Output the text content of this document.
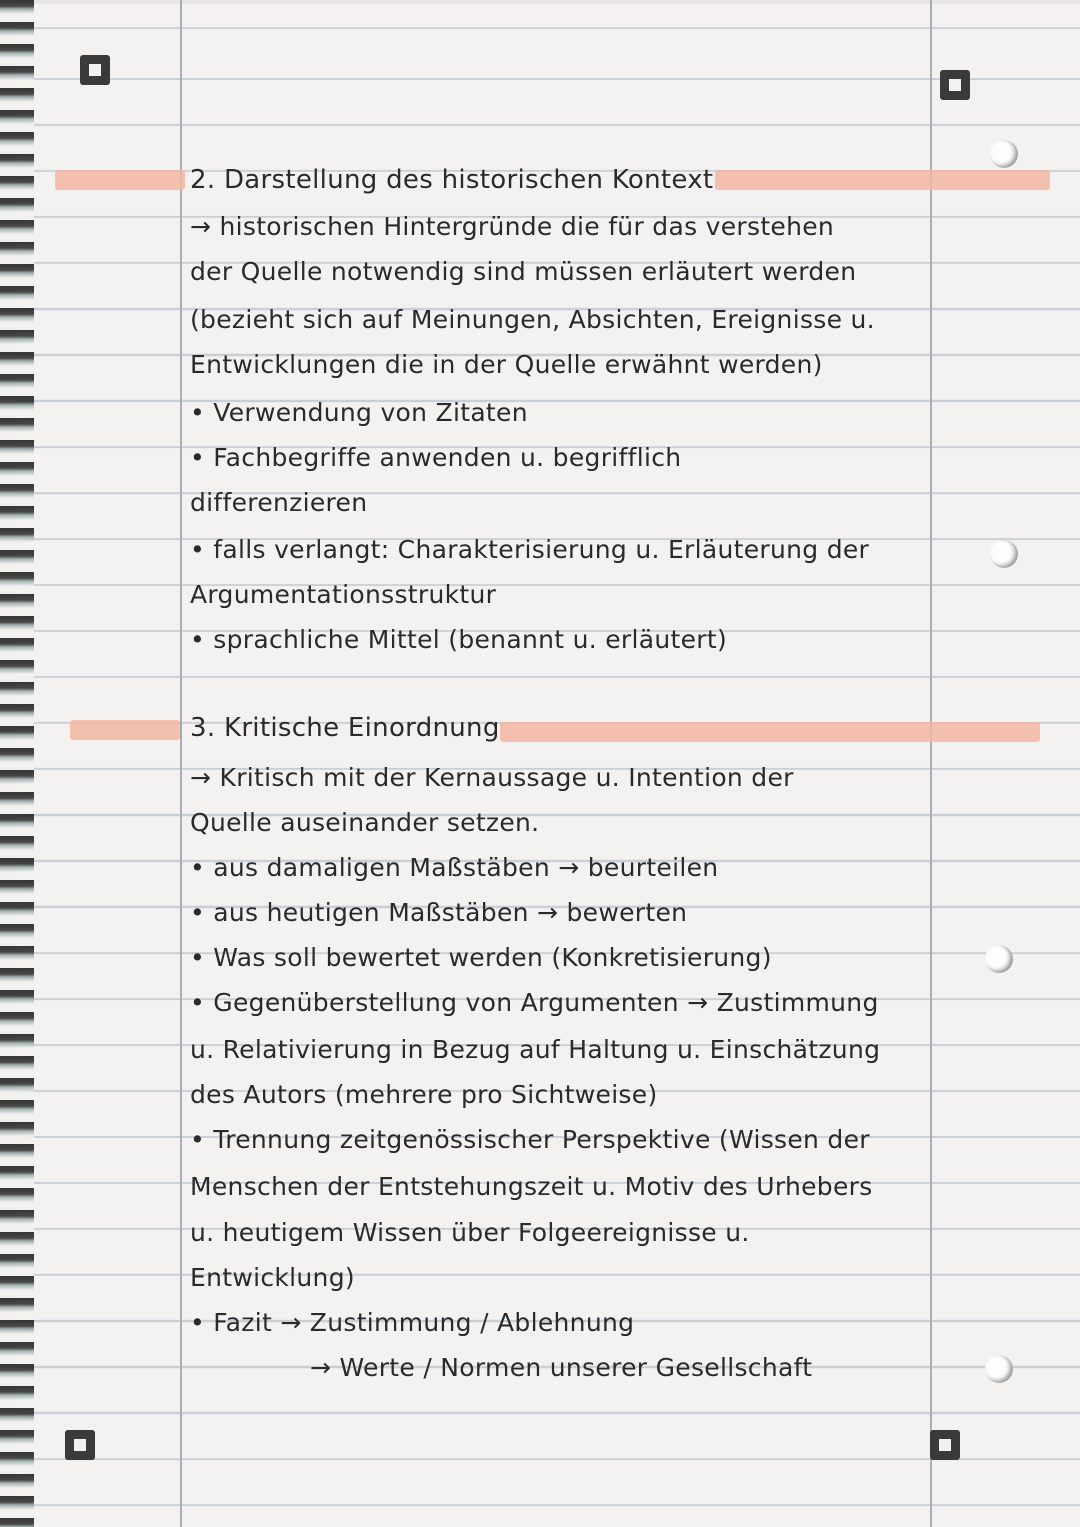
2. Darstellung des historischen Kontext
→ historischen Hintergründe die für das verstehen
der Quelle notwendig sind müssen erläutert werden
(bezieht sich auf Meinungen, Absichten, Ereignisse u.
Entwicklungen die in der Quelle erwähnt werden)
• Verwendung von Zitaten
• Fachbegriffe anwenden u. begrifflich
differenzieren
• falls verlangt: Charakterisierung u. Erläuterung der
Argumentationsstruktur
• sprachliche Mittel (benannt u. erläutert)
3. Kritische Einordnung
→ Kritisch mit der Kernaussage u. Intention der
Quelle auseinander setzen.
• aus damaligen Maßstäben → beurteilen
• aus heutigen Maßstäben → bewerten
• Was soll bewertet werden (Konkretisierung)
• Gegenüberstellung von Argumenten → Zustimmung
u. Relativierung in Bezug auf Haltung u. Einschätzung
des Autors (mehrere pro Sichtweise)
• Trennung zeitgenössischer Perspektive (Wissen der
Menschen der Entstehungszeit u. Motiv des Urhebers
u. heutigem Wissen über Folgeereignisse u.
Entwicklung)
• Fazit → Zustimmung / Ablehnung
→ Werte / Normen unserer Gesellschaft
